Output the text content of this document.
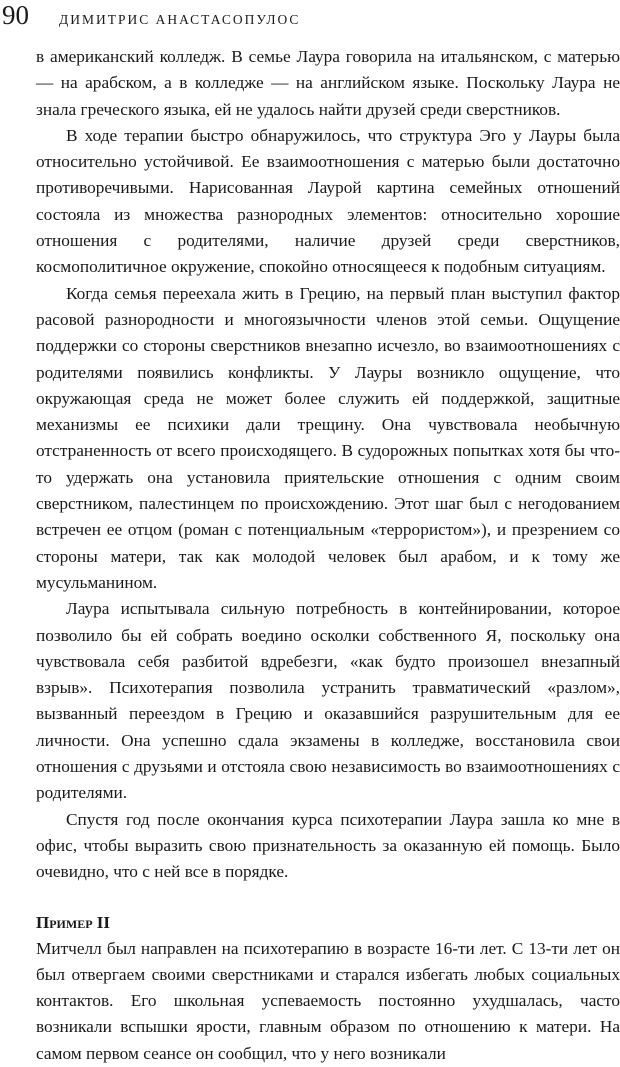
90 ДИМИТРИС АНАСТАСОПУЛОС

в американский колледж. В семье Лаура говорила на итальянском, с матерью — на арабском, а в колледже — на английском языке. Поскольку Лаура не знала греческого языка, ей не удалось найти друзей среди сверстников.

В ходе терапии быстро обнаружилось, что структура Эго у Лауры была относительно устойчивой. Ее взаимоотношения с матерью были достаточно противоречивыми. Нарисованная Лаурой картина семейных отношений состояла из множества разнородных элементов: относительно хорошие отношения с родителями, наличие друзей среди сверстников, космополитичное окружение, спокойно относящееся к подобным ситуациям.

Когда семья переехала жить в Грецию, на первый план выступил фактор расовой разнородности и многоязычности членов этой семьи. Ощущение поддержки со стороны сверстников внезапно исчезло, во взаимоотношениях с родителями появились конфликты. У Лауры возникло ощущение, что окружающая среда не может более служить ей поддержкой, защитные механизмы ее психики дали трещину. Она чувствовала необычную отстраненность от всего происходящего. В судорожных попытках хотя бы что-то удержать она установила приятельские отношения с одним своим сверстником, палестинцем по происхождению. Этот шаг был с негодованием встречен ее отцом (роман с потенциальным «террористом»), и презрением со стороны матери, так как молодой человек был арабом, и к тому же мусульманином.

Лаура испытывала сильную потребность в контейнировании, которое позволило бы ей собрать воедино осколки собственного Я, поскольку она чувствовала себя разбитой вдребезги, «как будто произошел внезапный взрыв». Психотерапия позволила устранить травматический «разлом», вызванный переездом в Грецию и оказавшийся разрушительным для ее личности. Она успешно сдала экзамены в колледже, восстановила свои отношения с друзьями и отстояла свою независимость во взаимоотношениях с родителями.

Спустя год после окончания курса психотерапии Лаура зашла ко мне в офис, чтобы выразить свою признательность за оказанную ей помощь. Было очевидно, что с ней все в порядке.

Пример II

Митчелл был направлен на психотерапию в возрасте 16-ти лет. С 13-ти лет он был отвергаем своими сверстниками и старался избегать любых социальных контактов. Его школьная успеваемость постоянно ухудшалась, часто возникали вспышки ярости, главным образом по отношению к матери. На самом первом сеансе он сообщил, что у него возникали
